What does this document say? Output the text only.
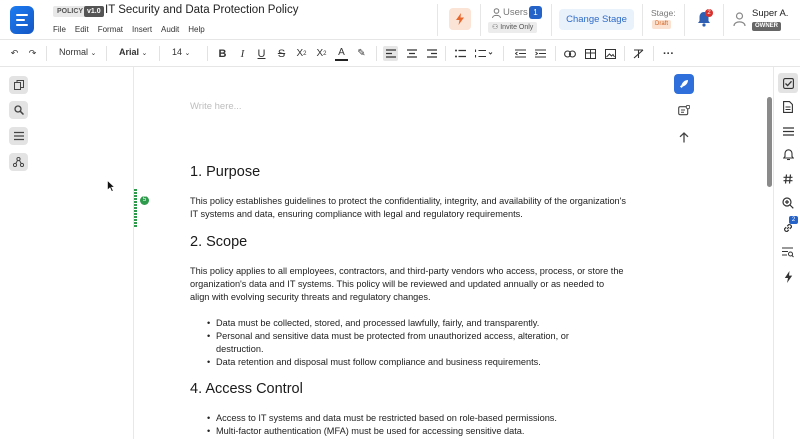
POLICY v1.0 IT Security and Data Protection Policy
File Edit Format Insert Audit Help
Users 1
⚇ Invite Only
Change Stage
Stage:
Draft
2	Super A.
OWNER
↶	↷	Normal ⌄	Arial ⌄	14 ⌄	B	I	U S X 2 X 2	A	✎	···
Write here...
1. Purpose
This policy establishes guidelines to protect the confidentiality, integrity, and availability of the organization's IT systems and data, ensuring compliance with legal and regulatory requirements.
2. Scope
This policy applies to all employees, contractors, and third-party vendors who access, process, or store the organization's data and IT systems. This policy will be reviewed and updated annually or as needed to align with evolving security threats and regulatory changes.
• Data must be collected, stored, and processed lawfully, fairly, and transparently.
• Personal and sensitive data must be protected from unauthorized access, alteration, or destruction.
• Data retention and disposal must follow compliance and business requirements.
4. Access Control
• Access to IT systems and data must be restricted based on role-based permissions.
• Multi-factor authentication (MFA) must be used for accessing sensitive data.
5
2
